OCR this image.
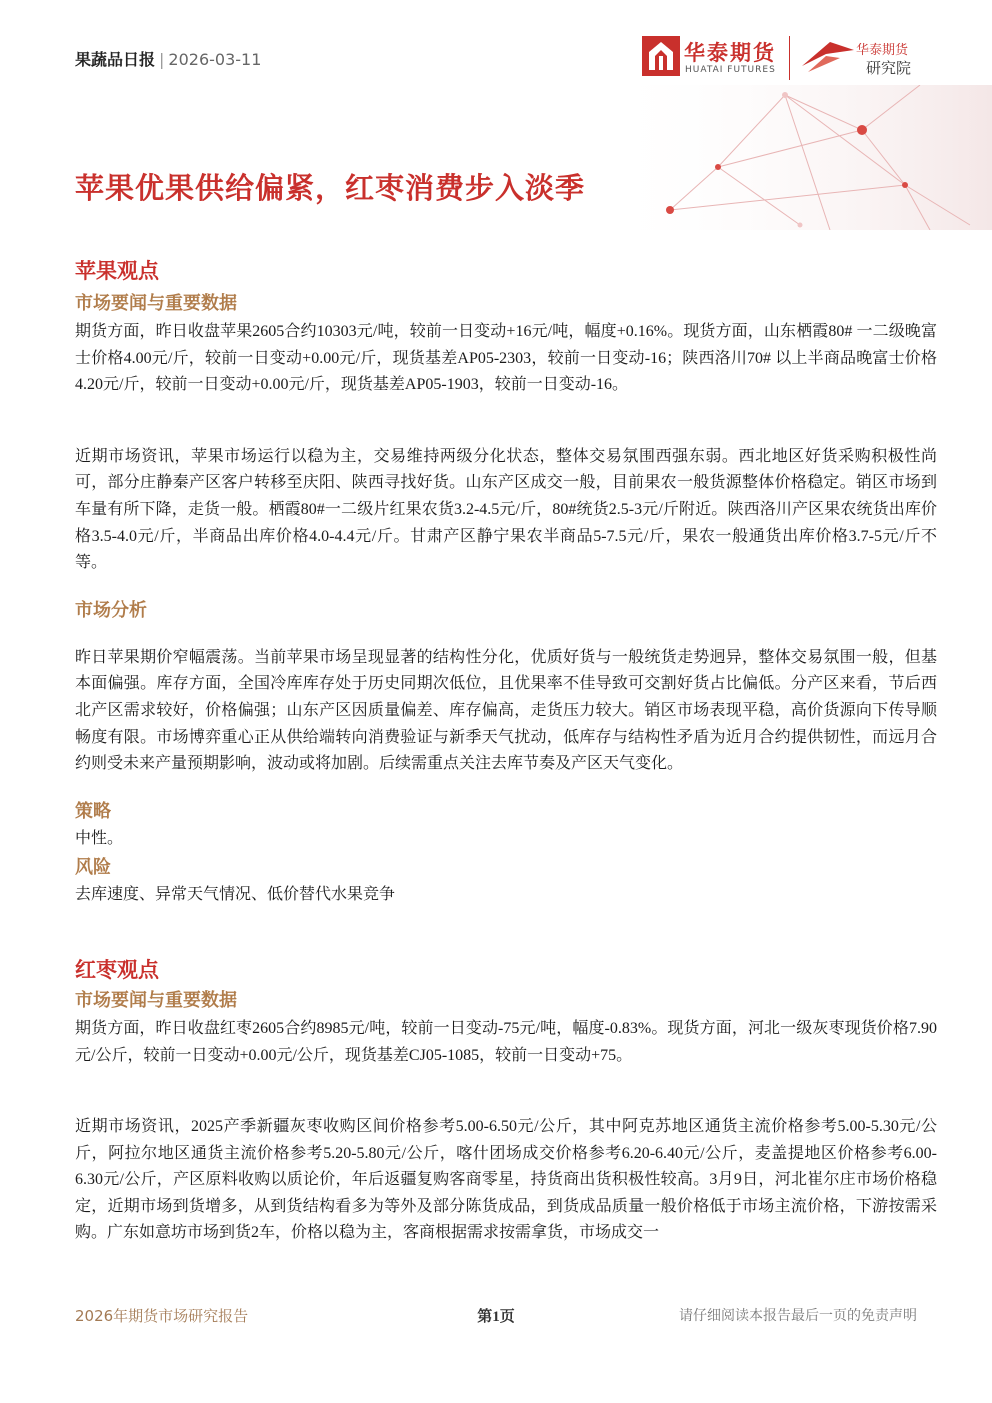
果蔬品日报 | 2026-03-11	华泰期货
HUATAI FUTURES
华泰期货
研究院
苹果优果供给偏紧，红枣消费步入淡季
苹果观点
市场要闻与重要数据

期货方面，昨日收盘苹果2605合约10303元/吨，较前一日变动+16元/吨，幅度+0.16%。现货方面，山东栖霞80# 一二级晚富士价格4.00元/斤，较前一日变动+0.00元/斤，现货基差AP05-2303，较前一日变动-16；陕西洛川70# 以上半商品晚富士价格4.20元/斤，较前一日变动+0.00元/斤，现货基差AP05-1903，较前一日变动-16。

近期市场资讯，苹果市场运行以稳为主，交易维持两级分化状态，整体交易氛围西强东弱。西北地区好货采购积极性尚可，部分庄静秦产区客户转移至庆阳、陕西寻找好货。山东产区成交一般，目前果农一般货源整体价格稳定。销区市场到车量有所下降，走货一般。栖霞80#一二级片红果农货3.2-4.5元/斤，80#统货2.5-3元/斤附近。陕西洛川产区果农统货出库价格3.5-4.0元/斤，半商品出库价格4.0-4.4元/斤。甘肃产区静宁果农半商品5-7.5元/斤，果农一般通货出库价格3.7-5元/斤不等。

市场分析

昨日苹果期价窄幅震荡。当前苹果市场呈现显著的结构性分化，优质好货与一般统货走势迥异，整体交易氛围一般，但基本面偏强。库存方面，全国冷库库存处于历史同期次低位，且优果率不佳导致可交割好货占比偏低。分产区来看，节后西北产区需求较好，价格偏强；山东产区因质量偏差、库存偏高，走货压力较大。销区市场表现平稳，高价货源向下传导顺畅度有限。市场博弈重心正从供给端转向消费验证与新季天气扰动，低库存与结构性矛盾为近月合约提供韧性，而远月合约则受未来产量预期影响，波动或将加剧。后续需重点关注去库节奏及产区天气变化。

策略

中性。

风险

去库速度、异常天气情况、低价替代水果竞争

红枣观点
市场要闻与重要数据

期货方面，昨日收盘红枣2605合约8985元/吨，较前一日变动-75元/吨，幅度-0.83%。现货方面，河北一级灰枣现货价格7.90元/公斤，较前一日变动+0.00元/公斤，现货基差CJ05-1085，较前一日变动+75。

近期市场资讯，2025产季新疆灰枣收购区间价格参考5.00-6.50元/公斤，其中阿克苏地区通货主流价格参考5.00-5.30元/公斤，阿拉尔地区通货主流价格参考5.20-5.80元/公斤，喀什团场成交价格参考6.20-6.40元/公斤，麦盖提地区价格参考6.00-6.30元/公斤，产区原料收购以质论价，年后返疆复购客商零星，持货商出货积极性较高。3月9日，河北崔尔庄市场价格稳定，近期市场到货增多，从到货结构看多为等外及部分陈货成品，到货成品质量一般价格低于市场主流价格，下游按需采购。广东如意坊市场到货2车，价格以稳为主，客商根据需求按需拿货，市场成交一

2026年期货市场研究报告	第1页	请仔细阅读本报告最后一页的免责声明
